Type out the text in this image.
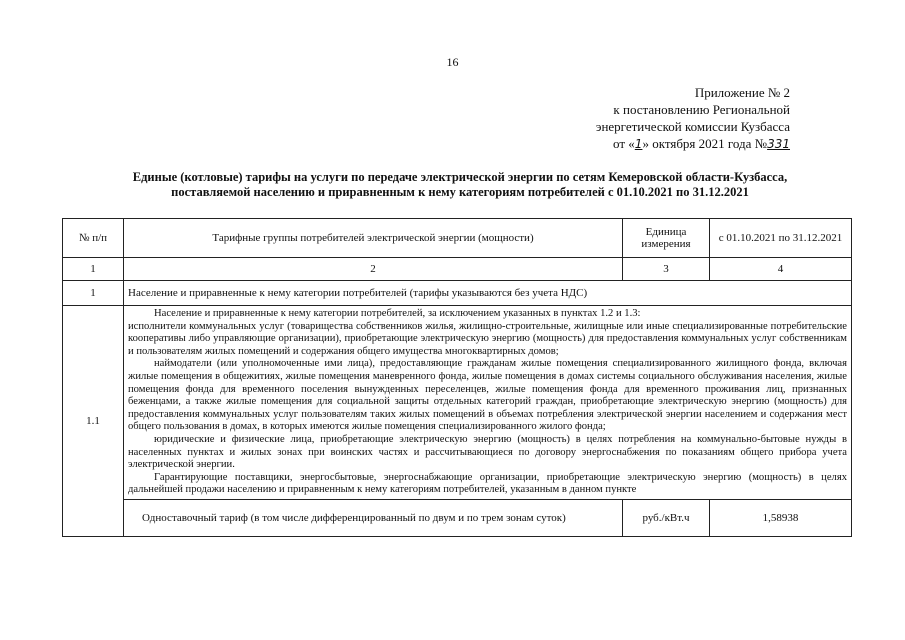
16
Приложение № 2
к постановлению Региональной
энергетической комиссии Кузбасса
от «1» октября 2021 года №331
Единые (котловые) тарифы на услуги по передаче электрической энергии по сетям Кемеровской области-Кузбасса, поставляемой населению и приравненным к нему категориям потребителей с 01.10.2021 по 31.12.2021
№ п/п	Тарифные группы потребителей электрической энергии (мощности)	Единица измерения	с 01.10.2021 по 31.12.2021
1	2	3	4
1	Население и приравненные к нему категории потребителей (тарифы указываются без учета НДС)		
1.1	Население и приравненные к нему категории потребителей, за исключением указанных в пунктах 1.2 и 1.3:

исполнители коммунальных услуг (товарищества собственников жилья, жилищно-строительные, жилищные или иные специализированные потребительские кооперативы либо управляющие организации), приобретающие электрическую энергию (мощность) для предоставления коммунальных услуг собственникам и пользователям жилых помещений и содержания общего имущества многоквартирных домов;

наймодатели (или уполномоченные ими лица), предоставляющие гражданам жилые помещения специализированного жилищного фонда, включая жилые помещения в общежитиях, жилые помещения маневренного фонда, жилые помещения в домах системы социального обслуживания населения, жилые помещения фонда для временного поселения вынужденных переселенцев, жилые помещения фонда для временного проживания лиц, признанных беженцами, а также жилые помещения для социальной защиты отдельных категорий граждан, приобретающие электрическую энергию (мощность) для предоставления коммунальных услуг пользователям таких жилых помещений в объемах потребления электрической энергии населением и содержания мест общего пользования в домах, в которых имеются жилые помещения специализированного жилого фонда;

юридические и физические лица, приобретающие электрическую энергию (мощность) в целях потребления на коммунально-бытовые нужды в населенных пунктах и жилых зонах при воинских частях и рассчитывающиеся по договору энергоснабжения по показаниям общего прибора учета электрической энергии.

Гарантирующие поставщики, энергосбытовые, энергоснабжающие организации, приобретающие электрическую энергию (мощность) в целях дальнейшей продажи населению и приравненным к нему категориям потребителей, указанным в данном пункте		

	Одноставочный тариф (в том числе дифференцированный по двум и по трем зонам суток)	руб./кВт.ч	1,58938
